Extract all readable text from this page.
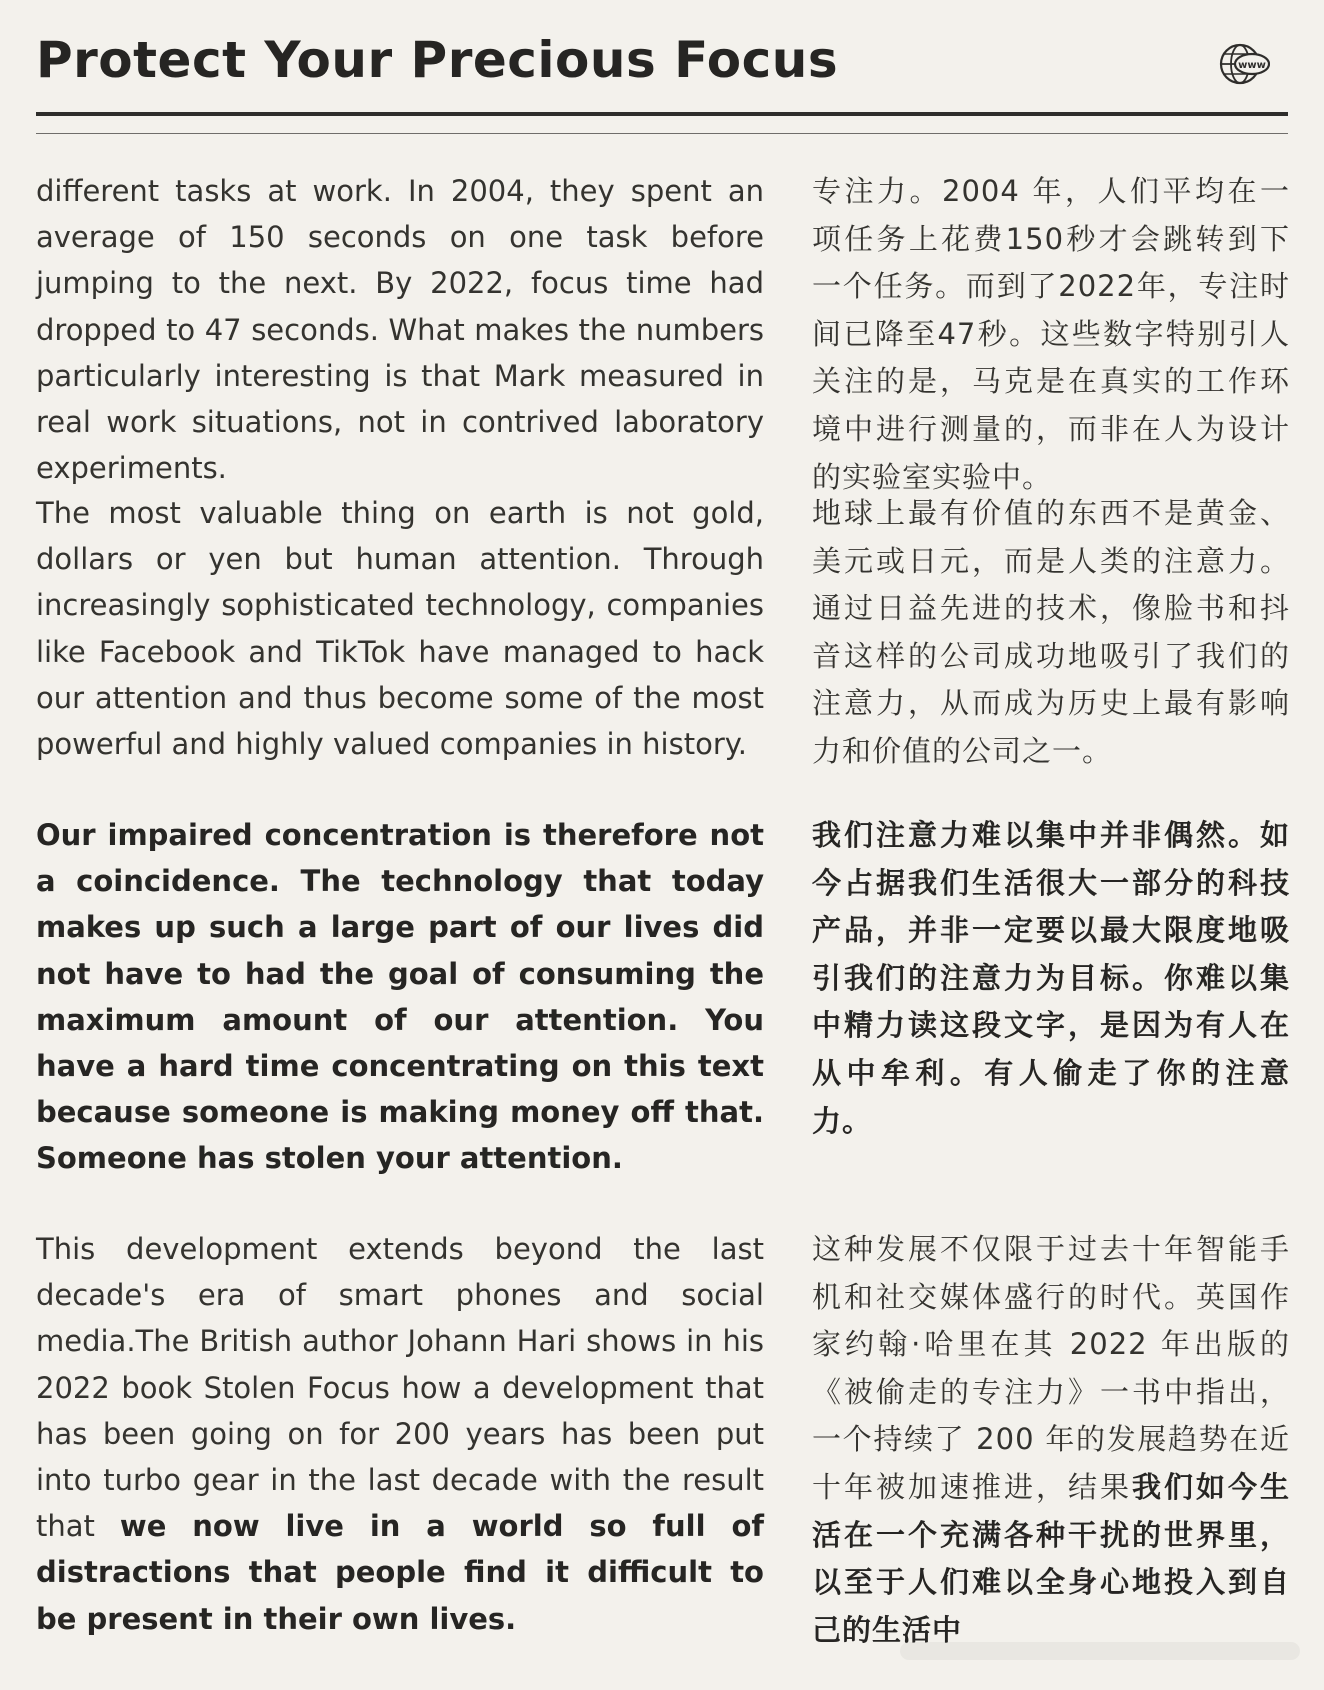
Protect Your Precious Focus	www

different tasks at work. In 2004, they spent an average of 150 seconds on one task before jumping to the next. By 2022, focus time had dropped to 47 seconds. What makes the numbers particularly interesting is that Mark measured in real work situations, not in contrived laboratory experiments.

专注力。2004 年，人们平均在一项任务上花费150秒才会跳转到下一个任务。而到了2022年，专注时间已降至47秒。这些数字特别引人关注的是，马克是在真实的工作环境中进行测量的，而非在人为设计的实验室实验中。

The most valuable thing on earth is not gold, dollars or yen but human attention. Through increasingly sophisticated technology, companies like Facebook and TikTok have managed to hack our attention and thus become some of the most powerful and highly valued companies in history.

地球上最有价值的东西不是黄金、美元或日元，而是人类的注意力。通过日益先进的技术，像脸书和抖音这样的公司成功地吸引了我们的注意力，从而成为历史上最有影响力和价值的公司之一。

Our impaired concentration is therefore not a coincidence. The technology that today makes up such a large part of our lives did not have to had the goal of consuming the maximum amount of our attention. You have a hard time concentrating on this text because someone is making money off that. Someone has stolen your attention.

我们注意力难以集中并非偶然。如今占据我们生活很大一部分的科技产品，并非一定要以最大限度地吸引我们的注意力为目标。你难以集中精力读这段文字，是因为有人在从中牟利。有人偷走了你的注意力。

This development extends beyond the last decade's era of smart phones and social media.The British author Johann Hari shows in his 2022 book Stolen Focus how a development that has been going on for 200 years has been put into turbo gear in the last decade with the result that we now live in a world so full of distractions that people find it difficult to be present in their own lives.

这种发展不仅限于过去十年智能手机和社交媒体盛行的时代。英国作家约翰·哈里在其 2022 年出版的《被偷走的专注力》一书中指出，一个持续了 200 年的发展趋势在近十年被加速推进，结果我们如今生活在一个充满各种干扰的世界里，以至于人们难以全身心地投入到自己的生活中
